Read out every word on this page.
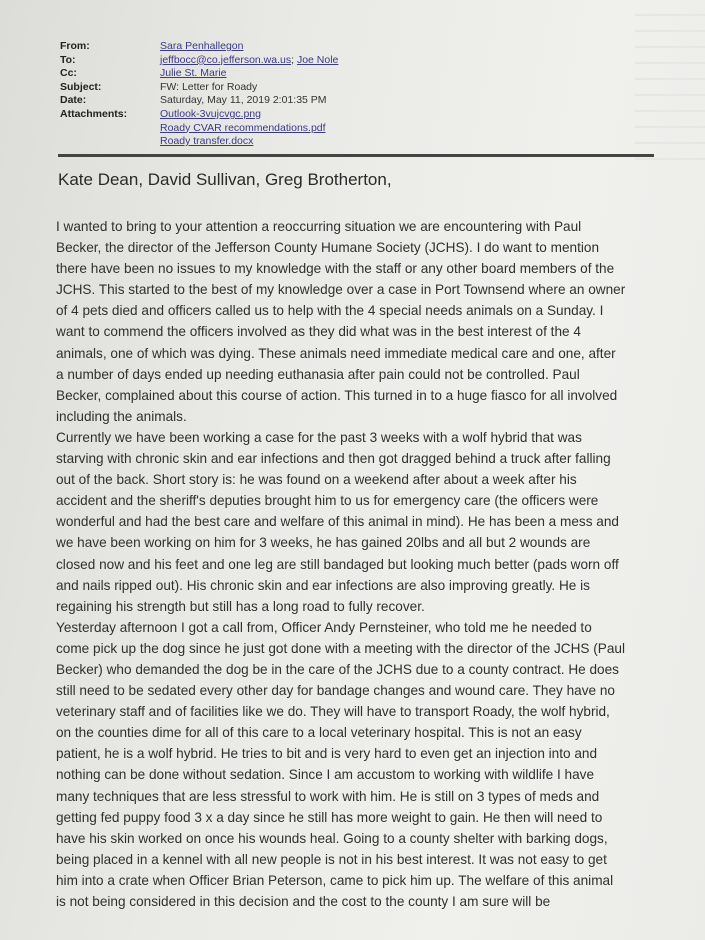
From:	Sara Penhallegon
To:	jeffbocc@co.jefferson.wa.us; Joe Nole
Cc:	Julie St. Marie
Subject:	FW: Letter for Roady
Date:	Saturday, May 11, 2019 2:01:35 PM
Attachments:	Outlook-3vujcvgc.png
Roady CVAR recommendations.pdf
Roady transfer.docx
Kate Dean, David Sullivan, Greg Brotherton,
I wanted to bring to your attention a reoccurring situation we are encountering with Paul
Becker, the director of the Jefferson County Humane Society (JCHS). I do want to mention
there have been no issues to my knowledge with the staff or any other board members of the
JCHS. This started to the best of my knowledge over a case in Port Townsend where an owner
of 4 pets died and officers called us to help with the 4 special needs animals on a Sunday. I
want to commend the officers involved as they did what was in the best interest of the 4
animals, one of which was dying. These animals need immediate medical care and one, after
a number of days ended up needing euthanasia after pain could not be controlled. Paul
Becker, complained about this course of action. This turned in to a huge fiasco for all involved
including the animals.
Currently we have been working a case for the past 3 weeks with a wolf hybrid that was
starving with chronic skin and ear infections and then got dragged behind a truck after falling
out of the back. Short story is: he was found on a weekend after about a week after his
accident and the sheriff's deputies brought him to us for emergency care (the officers were
wonderful and had the best care and welfare of this animal in mind). He has been a mess and
we have been working on him for 3 weeks, he has gained 20lbs and all but 2 wounds are
closed now and his feet and one leg are still bandaged but looking much better (pads worn off
and nails ripped out). His chronic skin and ear infections are also improving greatly. He is
regaining his strength but still has a long road to fully recover.
Yesterday afternoon I got a call from, Officer Andy Pernsteiner, who told me he needed to
come pick up the dog since he just got done with a meeting with the director of the JCHS (Paul
Becker) who demanded the dog be in the care of the JCHS due to a county contract. He does
still need to be sedated every other day for bandage changes and wound care. They have no
veterinary staff and of facilities like we do. They will have to transport Roady, the wolf hybrid,
on the counties dime for all of this care to a local veterinary hospital. This is not an easy
patient, he is a wolf hybrid. He tries to bit and is very hard to even get an injection into and
nothing can be done without sedation. Since I am accustom to working with wildlife I have
many techniques that are less stressful to work with him. He is still on 3 types of meds and
getting fed puppy food 3 x a day since he still has more weight to gain. He then will need to
have his skin worked on once his wounds heal. Going to a county shelter with barking dogs,
being placed in a kennel with all new people is not in his best interest. It was not easy to get
him into a crate when Officer Brian Peterson, came to pick him up. The welfare of this animal
is not being considered in this decision and the cost to the county I am sure will be
